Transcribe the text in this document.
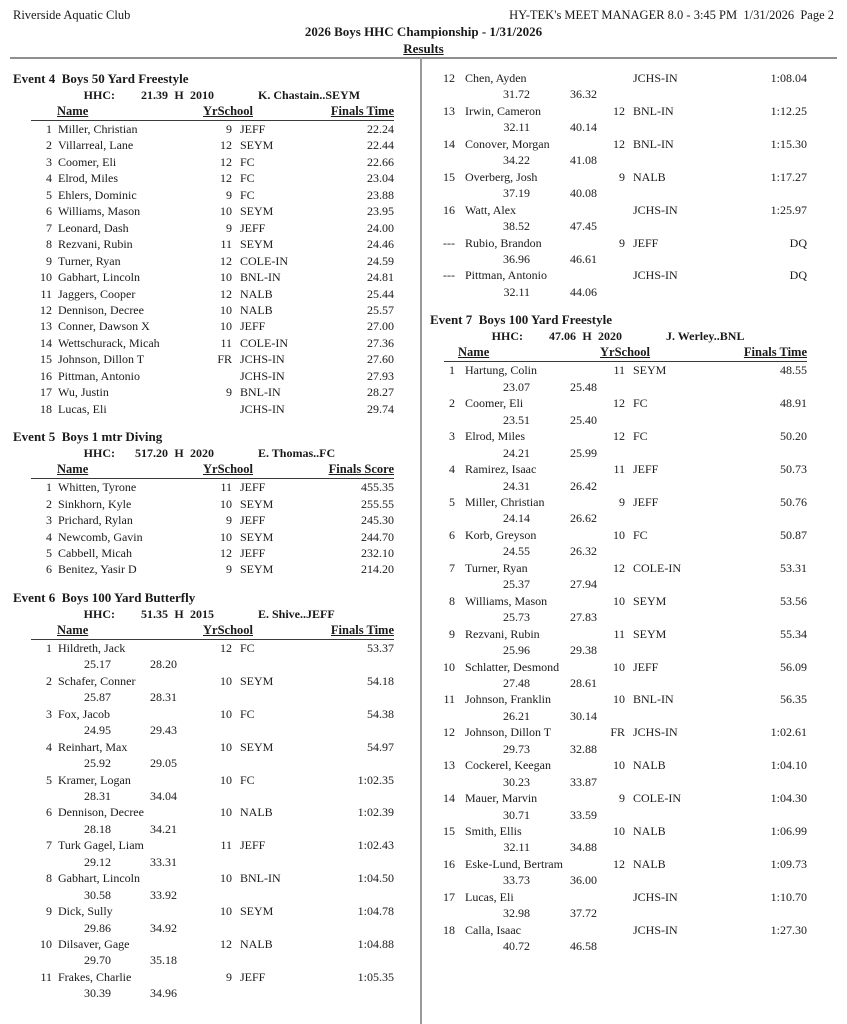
Riverside Aquatic Club	HY-TEK's MEET MANAGER 8.0 - 3:45 PM  1/31/2026  Page 2
2026 Boys HHC Championship - 1/31/2026
Results
Event 4  Boys 50 Yard Freestyle
HHC:	21.39 H 2010	K. Chastain..SEYM
Name	YrSchool	Finals Time
1 Miller, Christian	9 JEFF	22.24
2 Villarreal, Lane	12 SEYM	22.44
3 Coomer, Eli	12 FC	22.66
4 Elrod, Miles	12 FC	23.04
5 Ehlers, Dominic	9 FC	23.88
6 Williams, Mason	10 SEYM	23.95
7 Leonard, Dash	9 JEFF	24.00
8 Rezvani, Rubin	11 SEYM	24.46
9 Turner, Ryan	12 COLE-IN	24.59
10 Gabhart, Lincoln	10 BNL-IN	24.81
11 Jaggers, Cooper	12 NALB	25.44
12 Dennison, Decree	10 NALB	25.57
13 Conner, Dawson X	10 JEFF	27.00
14 Wettschurack, Micah	11 COLE-IN	27.36
15 Johnson, Dillon T	FR JCHS-IN	27.60
16 Pittman, Antonio	JCHS-IN	27.93
17 Wu, Justin	9 BNL-IN	28.27
18 Lucas, Eli	JCHS-IN	29.74
Event 5  Boys 1 mtr Diving
HHC:	517.20 H 2020	E. Thomas..FC
Name	YrSchool	Finals Score
1 Whitten, Tyrone	11 JEFF	455.35
2 Sinkhorn, Kyle	10 SEYM	255.55
3 Prichard, Rylan	9 JEFF	245.30
4 Newcomb, Gavin	10 SEYM	244.70
5 Cabbell, Micah	12 JEFF	232.10
6 Benitez, Yasir D	9 SEYM	214.20
Event 6  Boys 100 Yard Butterfly
HHC:	51.35 H 2015	E. Shive..JEFF
Name	YrSchool	Finals Time
1 Hildreth, Jack	12 FC	53.37
25.17	28.20
2 Schafer, Conner	10 SEYM	54.18
25.87	28.31
3 Fox, Jacob	10 FC	54.38
24.95	29.43
4 Reinhart, Max	10 SEYM	54.97
25.92	29.05
5 Kramer, Logan	10 FC	1:02.35
28.31	34.04
6 Dennison, Decree	10 NALB	1:02.39
28.18	34.21
7 Turk Gagel, Liam	11 JEFF	1:02.43
29.12	33.31
8 Gabhart, Lincoln	10 BNL-IN	1:04.50
30.58	33.92
9 Dick, Sully	10 SEYM	1:04.78
29.86	34.92
10 Dilsaver, Gage	12 NALB	1:04.88
29.70	35.18
11 Frakes, Charlie	9 JEFF	1:05.35
30.39	34.96
12 Chen, Ayden	JCHS-IN	1:08.04
31.72	36.32
13 Irwin, Cameron	12 BNL-IN	1:12.25
32.11	40.14
14 Conover, Morgan	12 BNL-IN	1:15.30
34.22	41.08
15 Overberg, Josh	9 NALB	1:17.27
37.19	40.08
16 Watt, Alex	JCHS-IN	1:25.97
38.52	47.45
--- Rubio, Brandon	9 JEFF	DQ
36.96	46.61
--- Pittman, Antonio	JCHS-IN	DQ
32.11	44.06
Event 7  Boys 100 Yard Freestyle
HHC:	47.06 H 2020	J. Werley..BNL
Name	YrSchool	Finals Time
1 Hartung, Colin	11 SEYM	48.55
23.07	25.48
2 Coomer, Eli	12 FC	48.91
23.51	25.40
3 Elrod, Miles	12 FC	50.20
24.21	25.99
4 Ramirez, Isaac	11 JEFF	50.73
24.31	26.42
5 Miller, Christian	9 JEFF	50.76
24.14	26.62
6 Korb, Greyson	10 FC	50.87
24.55	26.32
7 Turner, Ryan	12 COLE-IN	53.31
25.37	27.94
8 Williams, Mason	10 SEYM	53.56
25.73	27.83
9 Rezvani, Rubin	11 SEYM	55.34
25.96	29.38
10 Schlatter, Desmond	10 JEFF	56.09
27.48	28.61
11 Johnson, Franklin	10 BNL-IN	56.35
26.21	30.14
12 Johnson, Dillon T	FR JCHS-IN	1:02.61
29.73	32.88
13 Cockerel, Keegan	10 NALB	1:04.10
30.23	33.87
14 Mauer, Marvin	9 COLE-IN	1:04.30
30.71	33.59
15 Smith, Ellis	10 NALB	1:06.99
32.11	34.88
16 Eske-Lund, Bertram	12 NALB	1:09.73
33.73	36.00
17 Lucas, Eli	JCHS-IN	1:10.70
32.98	37.72
18 Calla, Isaac	JCHS-IN	1:27.30
40.72	46.58
